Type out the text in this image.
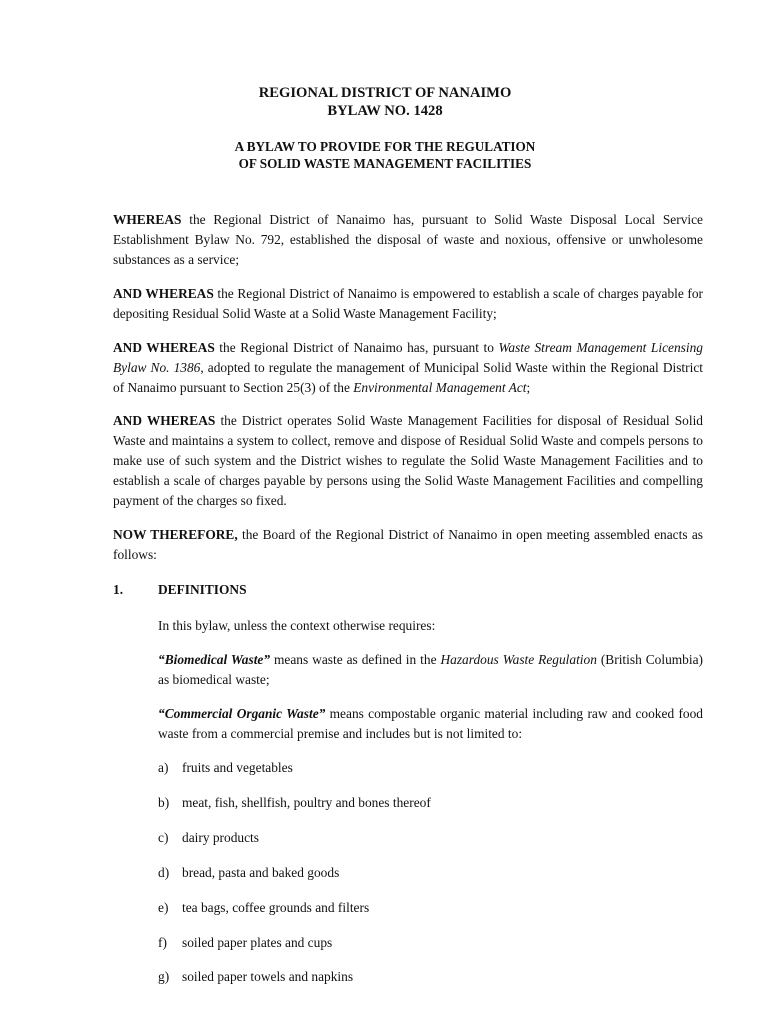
REGIONAL DISTRICT OF NANAIMO
BYLAW NO. 1428
A BYLAW TO PROVIDE FOR THE REGULATION
OF SOLID WASTE MANAGEMENT FACILITIES

WHEREAS the Regional District of Nanaimo has, pursuant to Solid Waste Disposal Local Service Establishment Bylaw No. 792, established the disposal of waste and noxious, offensive or unwholesome substances as a service;

AND WHEREAS the Regional District of Nanaimo is empowered to establish a scale of charges payable for depositing Residual Solid Waste at a Solid Waste Management Facility;

AND WHEREAS the Regional District of Nanaimo has, pursuant to Waste Stream Management Licensing Bylaw No. 1386, adopted to regulate the management of Municipal Solid Waste within the Regional District of Nanaimo pursuant to Section 25(3) of the Environmental Management Act;

AND WHEREAS the District operates Solid Waste Management Facilities for disposal of Residual Solid Waste and maintains a system to collect, remove and dispose of Residual Solid Waste and compels persons to make use of such system and the District wishes to regulate the Solid Waste Management Facilities and to establish a scale of charges payable by persons using the Solid Waste Management Facilities and compelling payment of the charges so fixed.

NOW THEREFORE, the Board of the Regional District of Nanaimo in open meeting assembled enacts as follows:

1.	DEFINITIONS

In this bylaw, unless the context otherwise requires:

“Biomedical Waste” means waste as defined in the Hazardous Waste Regulation (British Columbia) as biomedical waste;

“Commercial Organic Waste” means compostable organic material including raw and cooked food waste from a commercial premise and includes but is not limited to:

a) fruits and vegetables
b) meat, fish, shellfish, poultry and bones thereof
c) dairy products
d) bread, pasta and baked goods
e) tea bags, coffee grounds and filters
f) soiled paper plates and cups
g) soiled paper towels and napkins
